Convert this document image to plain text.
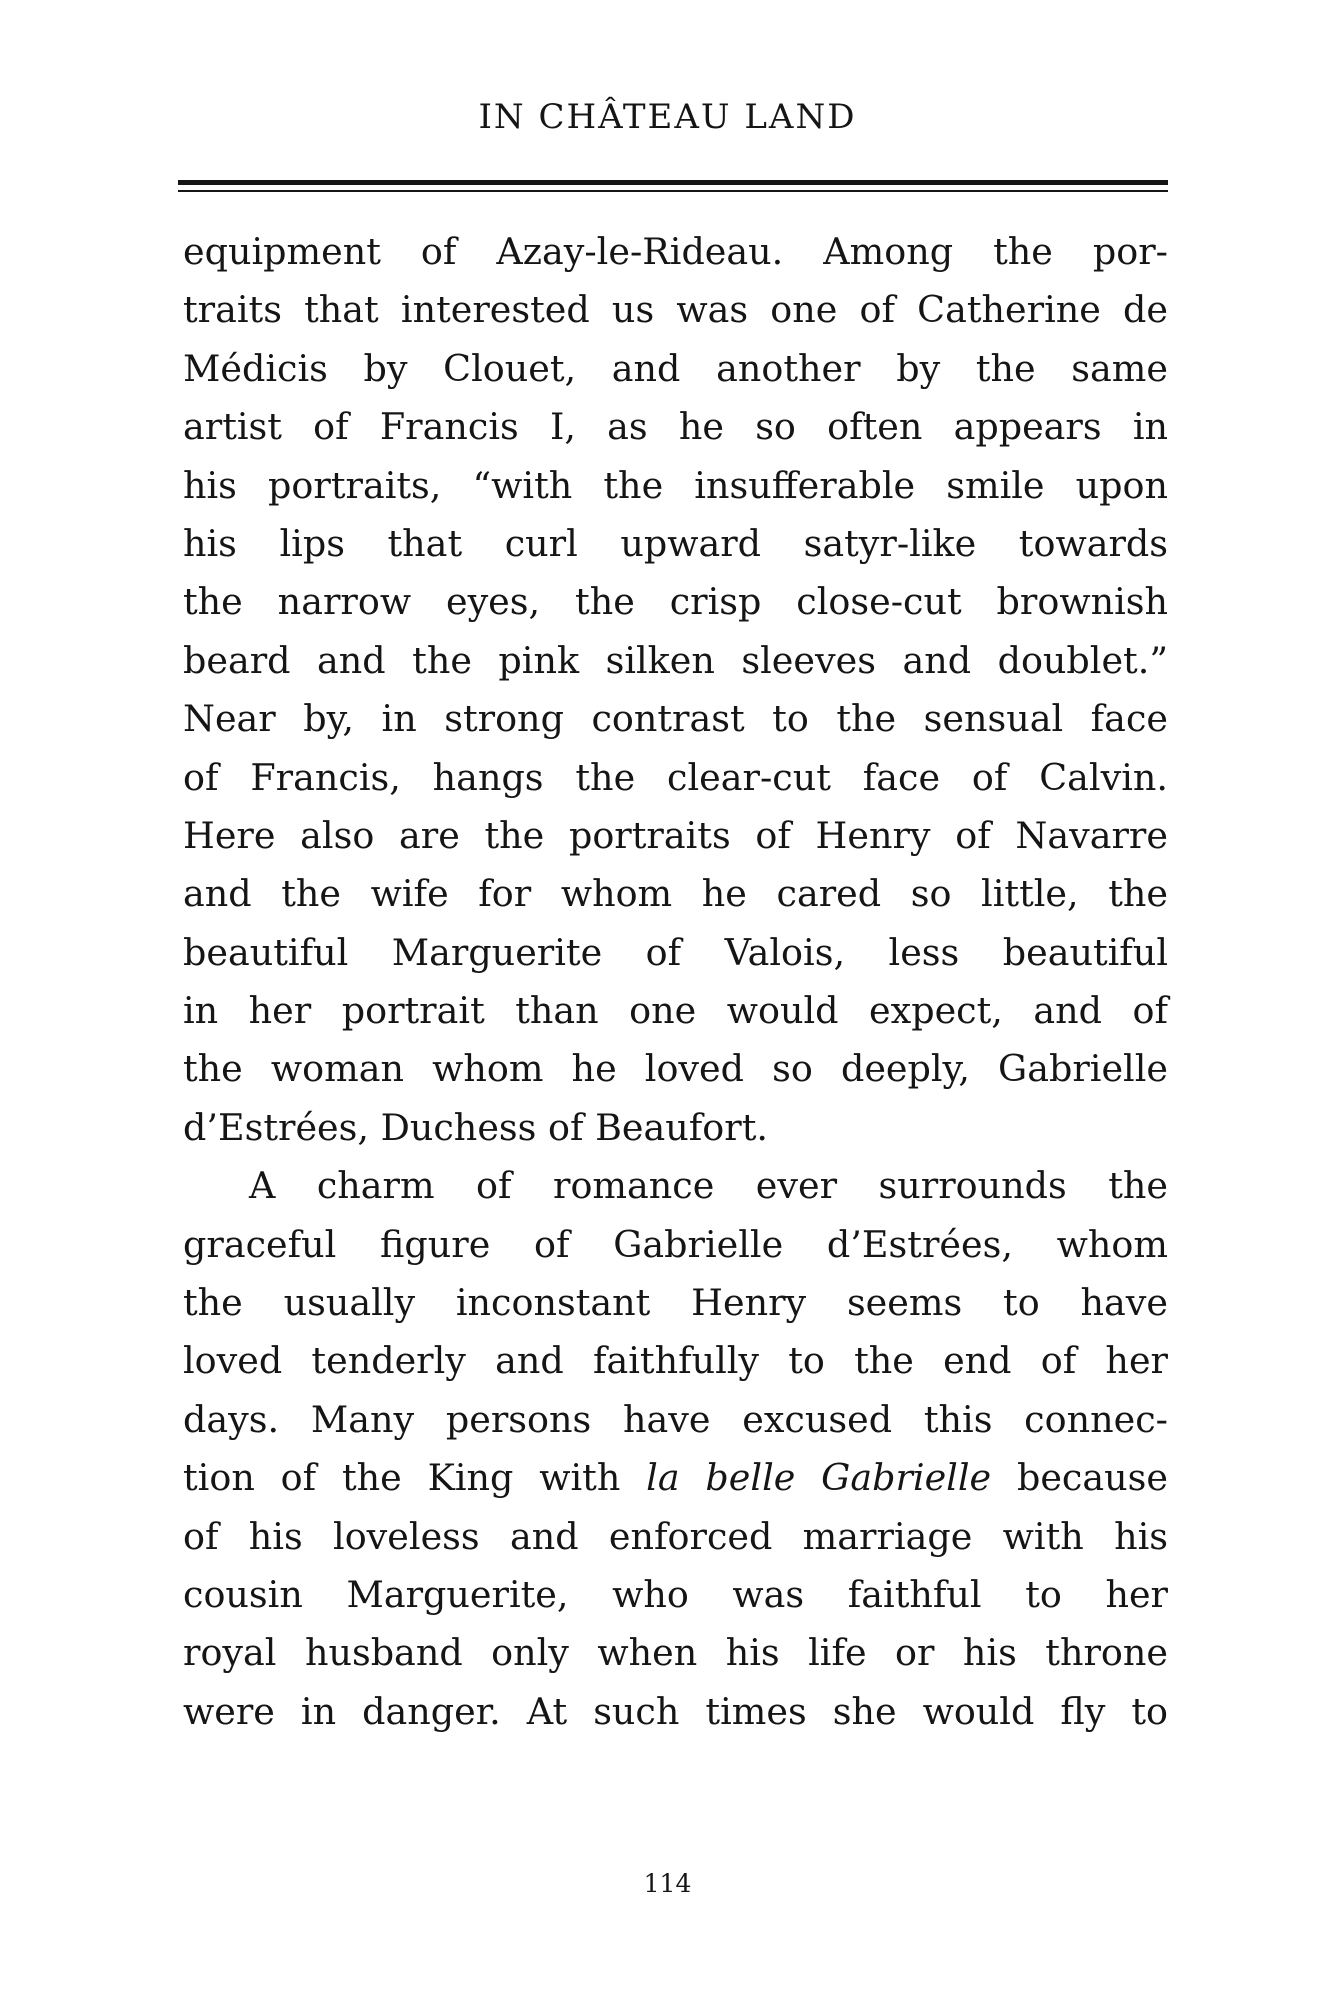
IN CHÂTEAU LAND
equipment of Azay-le-Rideau. Among the por-
traits that interested us was one of Catherine de
Médicis by Clouet, and another by the same
artist of Francis I, as he so often appears in
his portraits, “with the insufferable smile upon
his lips that curl upward satyr-like towards
the narrow eyes, the crisp close-cut brownish
beard and the pink silken sleeves and doublet.”
Near by, in strong contrast to the sensual face
of Francis, hangs the clear-cut face of Calvin.
Here also are the portraits of Henry of Navarre
and the wife for whom he cared so little, the
beautiful Marguerite of Valois, less beautiful
in her portrait than one would expect, and of
the woman whom he loved so deeply, Gabrielle
d’Estrées, Duchess of Beaufort.
A charm of romance ever surrounds the
graceful figure of Gabrielle d’Estrées, whom
the usually inconstant Henry seems to have
loved tenderly and faithfully to the end of her
days. Many persons have excused this connec-
tion of the King with la belle Gabrielle because
of his loveless and enforced marriage with his
cousin Marguerite, who was faithful to her
royal husband only when his life or his throne
were in danger. At such times she would fly to
114
